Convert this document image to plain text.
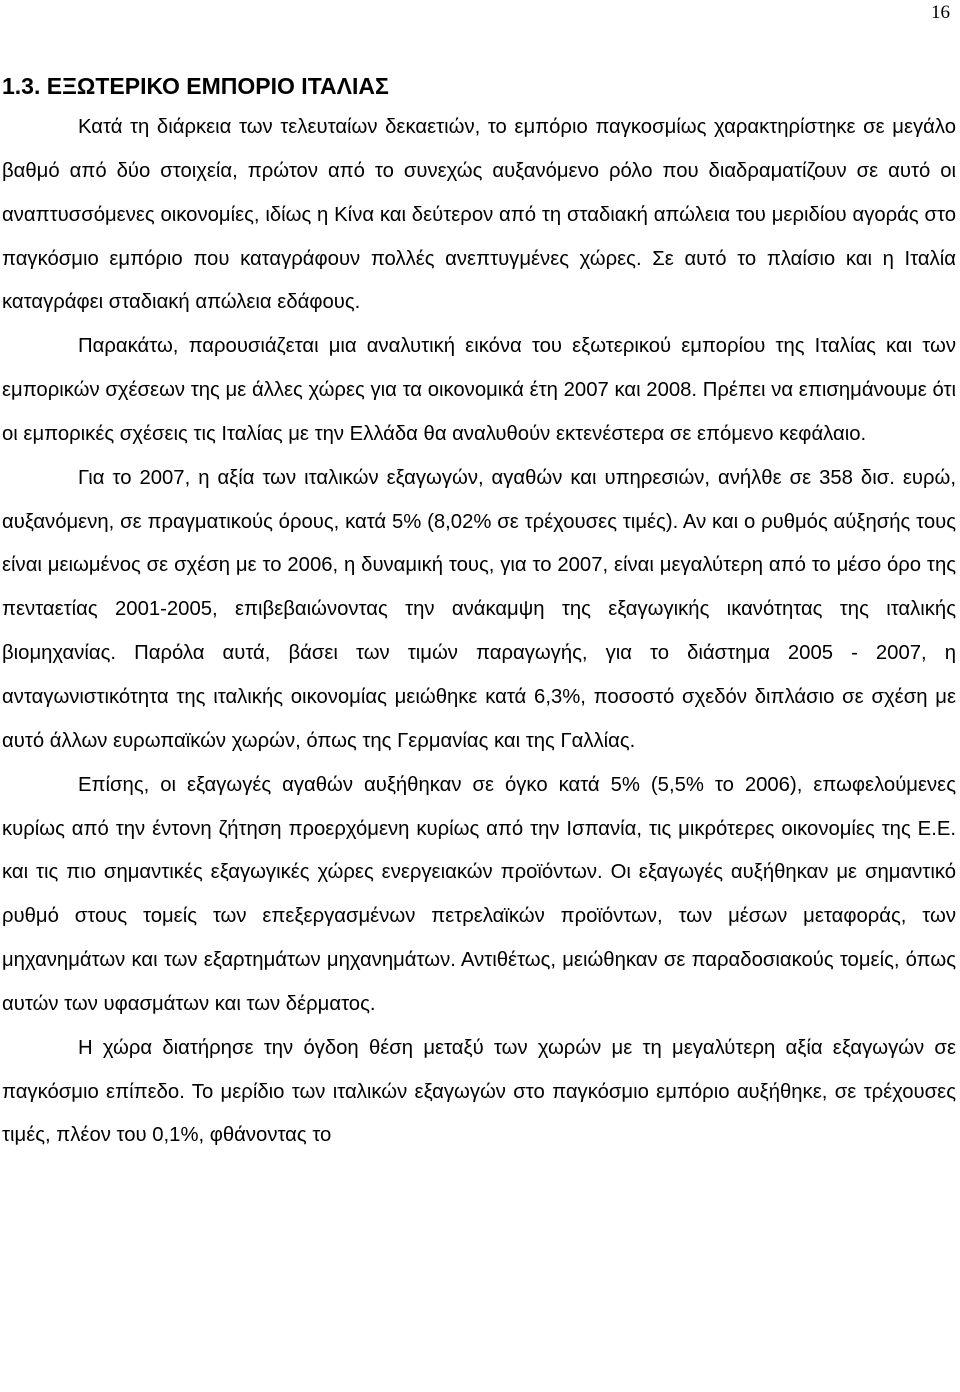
16
1.3. ΕΞΩΤΕΡΙΚΟ ΕΜΠΟΡΙΟ ΙΤΑΛΙΑΣ

Κατά τη διάρκεια των τελευταίων δεκαετιών, το εμπόριο παγκοσμίως χαρακτηρίστηκε σε μεγάλο βαθμό από δύο στοιχεία, πρώτον από το συνεχώς αυξανόμενο ρόλο που διαδραματίζουν σε αυτό οι αναπτυσσόμενες οικονομίες, ιδίως η Κίνα και δεύτερον από τη σταδιακή απώλεια του μεριδίου αγοράς στο παγκόσμιο εμπόριο που καταγράφουν πολλές ανεπτυγμένες χώρες. Σε αυτό το πλαίσιο και η Ιταλία καταγράφει σταδιακή απώλεια εδάφους.

Παρακάτω, παρουσιάζεται μια αναλυτική εικόνα του εξωτερικού εμπορίου της Ιταλίας και των εμπορικών σχέσεων της με άλλες χώρες για τα οικονομικά έτη 2007 και 2008. Πρέπει να επισημάνουμε ότι οι εμπορικές σχέσεις τις Ιταλίας με την Ελλάδα θα αναλυθούν εκτενέστερα σε επόμενο κεφάλαιο.

Για το 2007, η αξία των ιταλικών εξαγωγών, αγαθών και υπηρεσιών, ανήλθε σε 358 δισ. ευρώ, αυξανόμενη, σε πραγματικούς όρους, κατά 5% (8,02% σε τρέχουσες τιμές). Αν και ο ρυθμός αύξησής τους είναι μειωμένος σε σχέση με το 2006, η δυναμική τους, για το 2007, είναι μεγαλύτερη από το μέσο όρο της πενταετίας 2001-2005, επιβεβαιώνοντας την ανάκαμψη της εξαγωγικής ικανότητας της ιταλικής βιομηχανίας. Παρόλα αυτά, βάσει των τιμών παραγωγής, για το διάστημα 2005 - 2007, η ανταγωνιστικότητα της ιταλικής οικονομίας μειώθηκε κατά 6,3%, ποσοστό σχεδόν διπλάσιο σε σχέση με αυτό άλλων ευρωπαϊκών χωρών, όπως της Γερμανίας και της Γαλλίας.

Επίσης, οι εξαγωγές αγαθών αυξήθηκαν σε όγκο κατά 5% (5,5% το 2006), επωφελούμενες κυρίως από την έντονη ζήτηση προερχόμενη κυρίως από την Ισπανία, τις μικρότερες οικονομίες της Ε.Ε. και τις πιο σημαντικές εξαγωγικές χώρες ενεργειακών προϊόντων. Οι εξαγωγές αυξήθηκαν με σημαντικό ρυθμό στους τομείς των επεξεργασμένων πετρελαϊκών προϊόντων, των μέσων μεταφοράς, των μηχανημάτων και των εξαρτημάτων μηχανημάτων. Αντιθέτως, μειώθηκαν σε παραδοσιακούς τομείς, όπως αυτών των υφασμάτων και των δέρματος.

Η χώρα διατήρησε την όγδοη θέση μεταξύ των χωρών με τη μεγαλύτερη αξία εξαγωγών σε παγκόσμιο επίπεδο. Το μερίδιο των ιταλικών εξαγωγών στο παγκόσμιο εμπόριο αυξήθηκε, σε τρέχουσες τιμές, πλέον του 0,1%, φθάνοντας το
